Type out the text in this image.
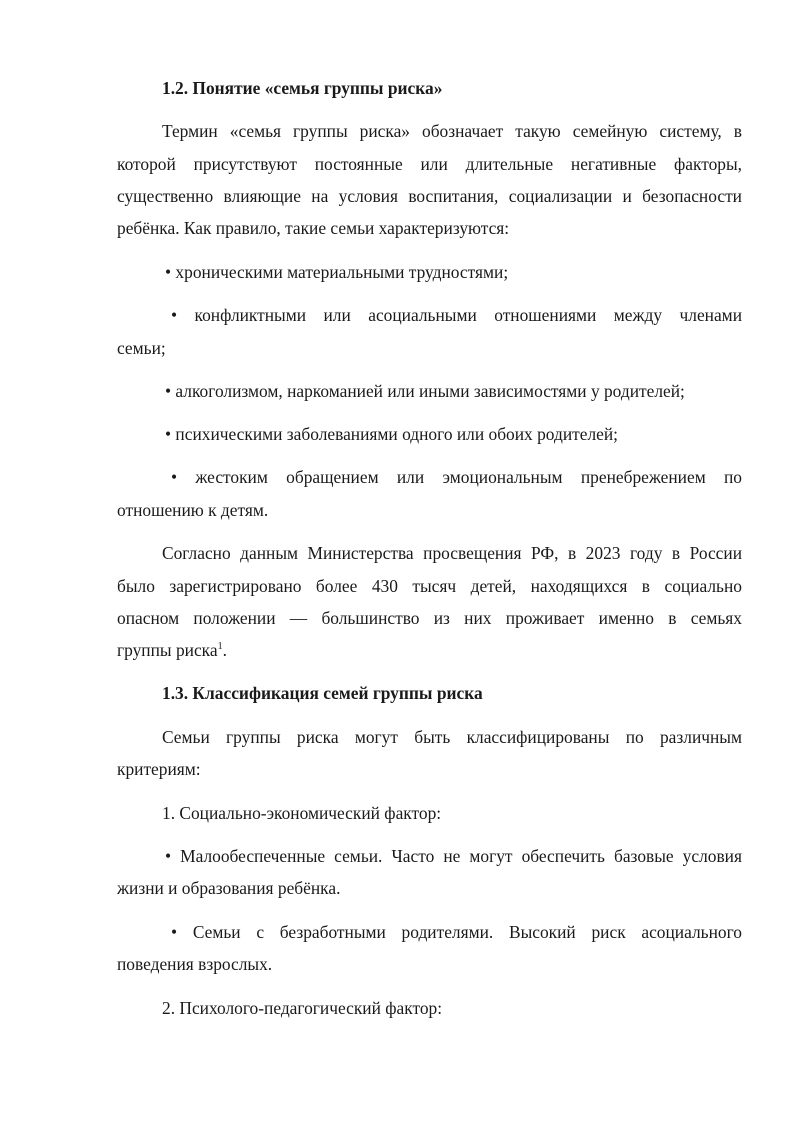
1.2. Понятие «семья группы риска»
Термин «семья группы риска» обозначает такую семейную систему, в
которой присутствуют постоянные или длительные негативные факторы,
существенно влияющие на условия воспитания, социализации и безопасности
ребёнка. Как правило, такие семьи характеризуются:
• хроническими материальными трудностями;
• конфликтными или асоциальными отношениями между членами
семьи;
• алкоголизмом, наркоманией или иными зависимостями у родителей;
• психическими заболеваниями одного или обоих родителей;
• жестоким обращением или эмоциональным пренебрежением по
отношению к детям.
Согласно данным Министерства просвещения РФ, в 2023 году в России
было зарегистрировано более 430 тысяч детей, находящихся в социально
опасном положении — большинство из них проживает именно в семьях
группы риска$^1$.
1.3. Классификация семей группы риска
Семьи группы риска могут быть классифицированы по различным
критериям:
1. Социально-экономический фактор:
• Малообеспеченные семьи. Часто не могут обеспечить базовые условия
жизни и образования ребёнка.
• Семьи с безработными родителями. Высокий риск асоциального
поведения взрослых.
2. Психолого-педагогический фактор:
